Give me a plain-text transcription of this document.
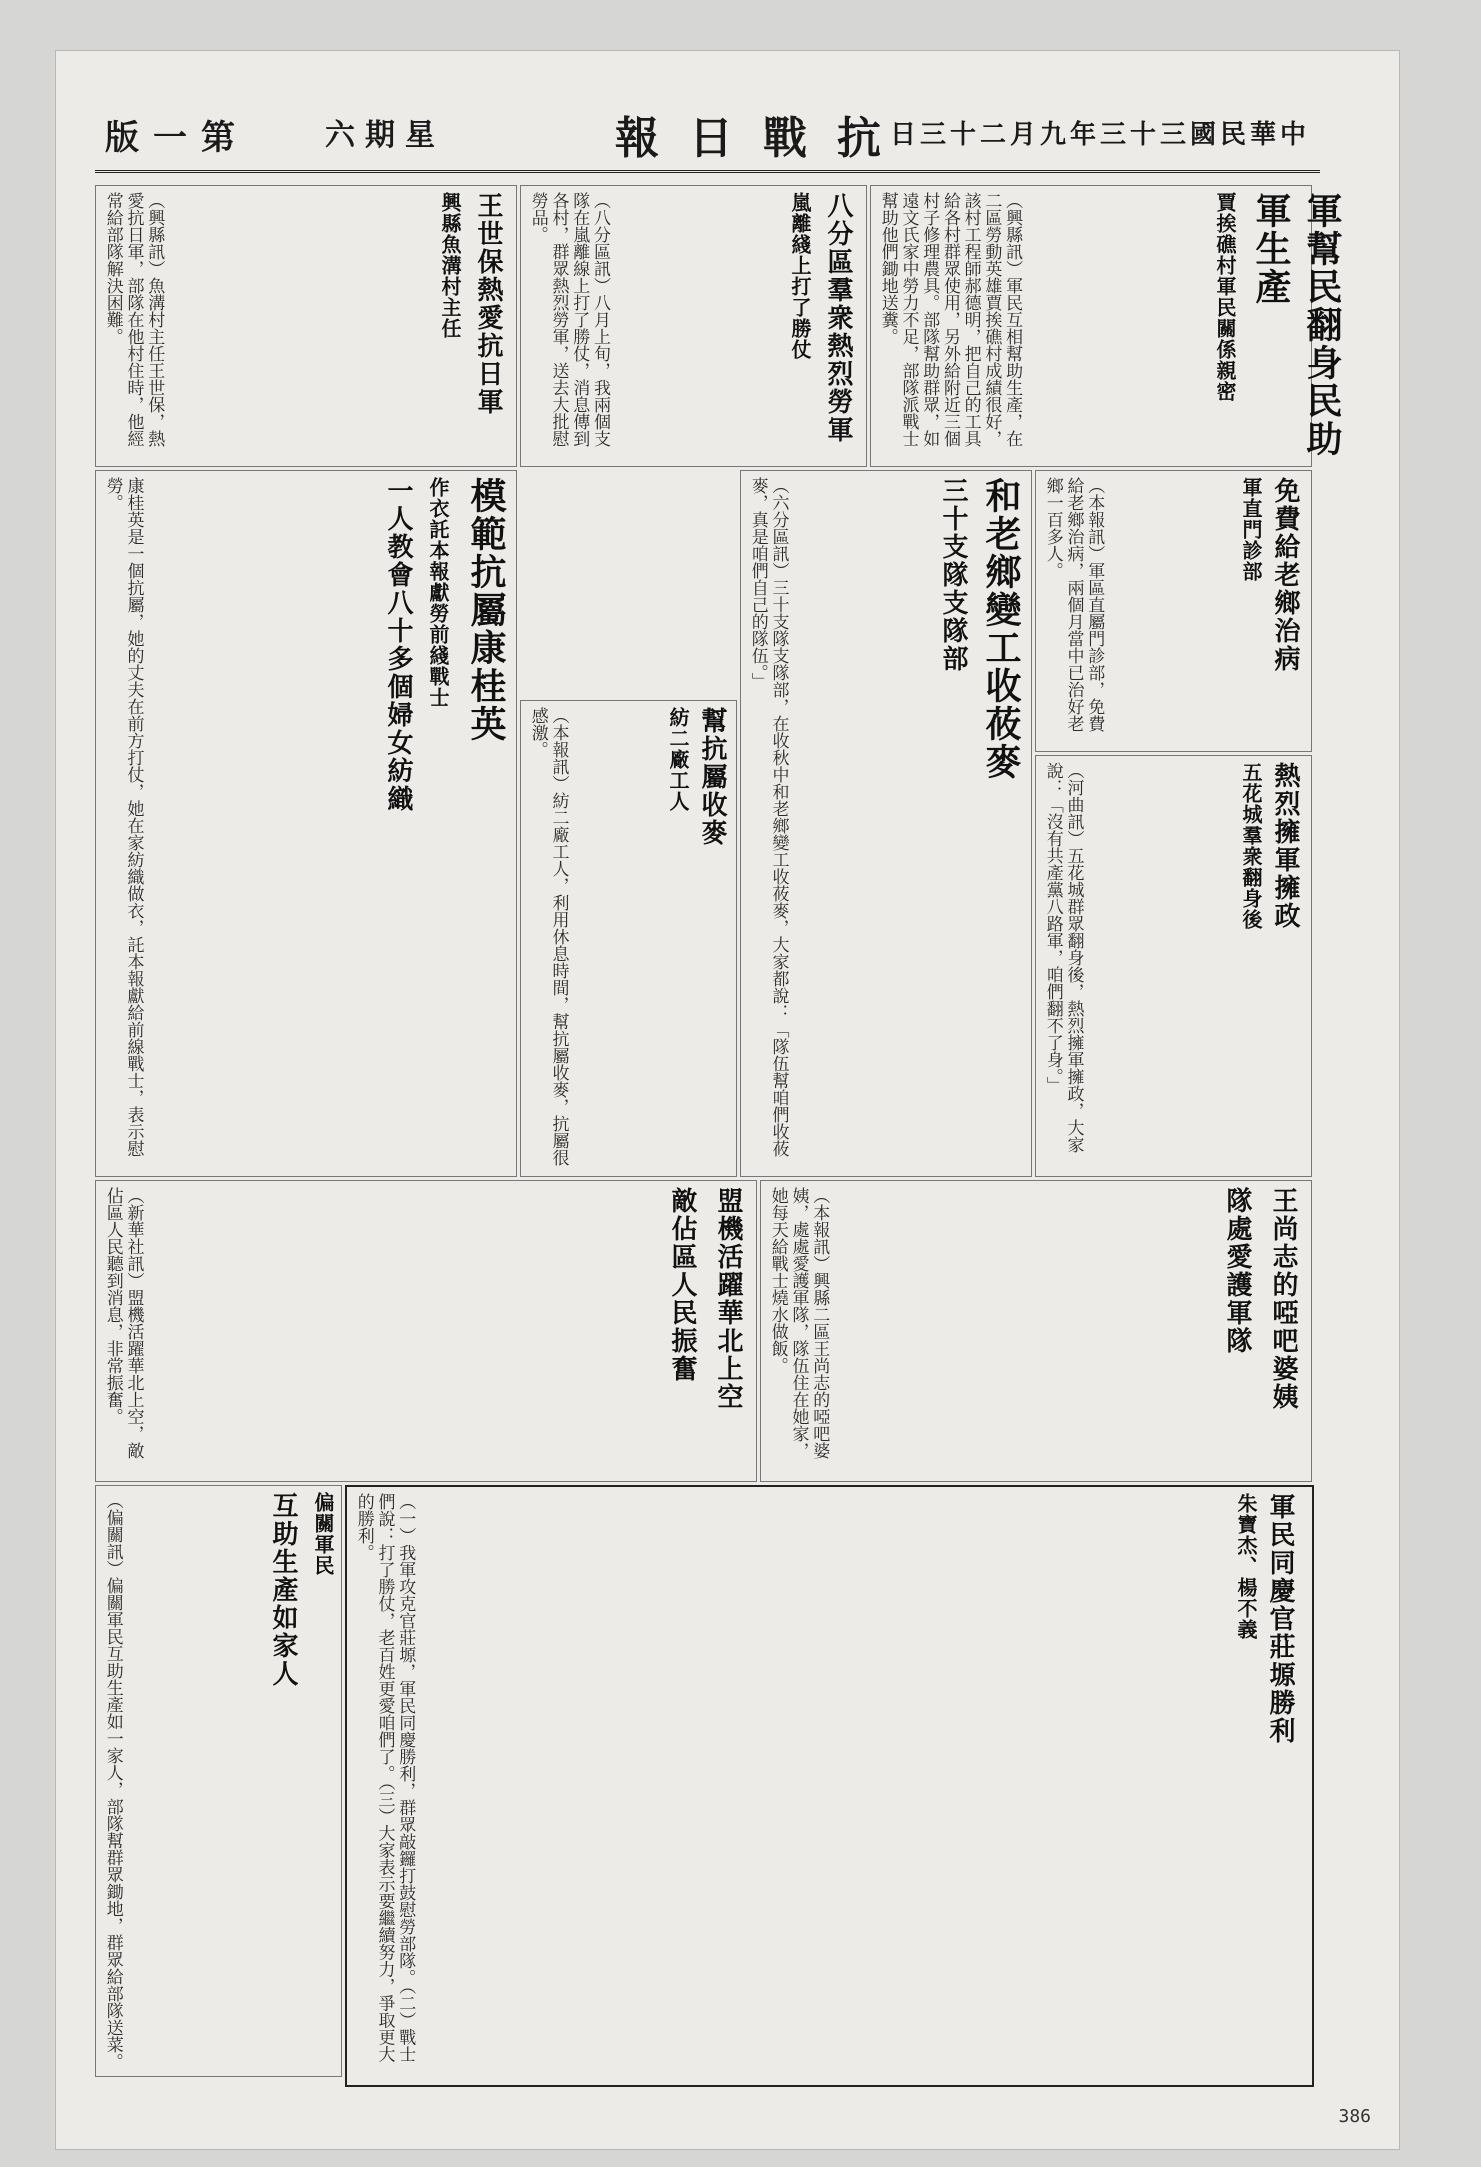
版一第	六期星	報日戰抗
日三十二月九年三十三國民華中
軍幫民翻身民助軍生產
賈挨礁村軍民關係親密
（興縣訊）軍民互相幫助生產，在二區勞動英雄賈挨礁村成績很好，該村工程師郝德明，把自己的工具給各村群眾使用，另外給附近三個村子修理農具。部隊幫助群眾，如遠文氏家中勞力不足，部隊派戰士幫助他們鋤地送糞。
八分區羣衆熱烈勞軍
嵐離綫上打了勝仗
（八分區訊）八月上旬，我兩個支隊在嵐離線上打了勝仗，消息傳到各村，群眾熱烈勞軍，送去大批慰勞品。
王世保熱愛抗日軍
興縣魚溝村主任
（興縣訊）魚溝村主任王世保，熱愛抗日軍，部隊在他村住時，他經常給部隊解決困難。
免費給老鄉治病
軍直門診部
（本報訊）軍區直屬門診部，免費給老鄉治病，兩個月當中已治好老鄉一百多人。
熱烈擁軍擁政
五花城羣衆翻身後
（河曲訊）五花城群眾翻身後，熱烈擁軍擁政，大家說：「沒有共產黨八路軍，咱們翻不了身。」
和老鄉變工收莜麥
三十支隊支隊部
（六分區訊）三十支隊支隊部，在收秋中和老鄉變工收莜麥，大家都說：「隊伍幫咱們收莜麥，真是咱們自己的隊伍。」
幫抗屬收麥
紡二廠工人
（本報訊）紡二廠工人，利用休息時間，幫抗屬收麥，抗屬很感激。
模範抗屬康桂英
作衣託本報獻勞前綫戰士
一人教會八十多個婦女紡織
康桂英是一個抗屬，她的丈夫在前方打仗，她在家紡織做衣，託本報獻給前線戰士，表示慰勞。
王尚志的啞吧婆姨
隊處愛護軍隊
（本報訊）興縣二區王尚志的啞吧婆姨，處處愛護軍隊，隊伍住在她家，她每天給戰士燒水做飯。
盟機活躍華北上空
敵佔區人民振奮
（新華社訊）盟機活躍華北上空，敵佔區人民聽到消息，非常振奮。
軍民同慶官莊塬勝利
朱寶杰、楊不義
（一）我軍攻克官莊塬，軍民同慶勝利，群眾敲鑼打鼓慰勞部隊。（二）戰士們說：打了勝仗，老百姓更愛咱們了。（三）大家表示要繼續努力，爭取更大的勝利。
偏關軍民
互助生產如家人
（偏關訊）偏關軍民互助生產如一家人，部隊幫群眾鋤地，群眾給部隊送菜。
386
